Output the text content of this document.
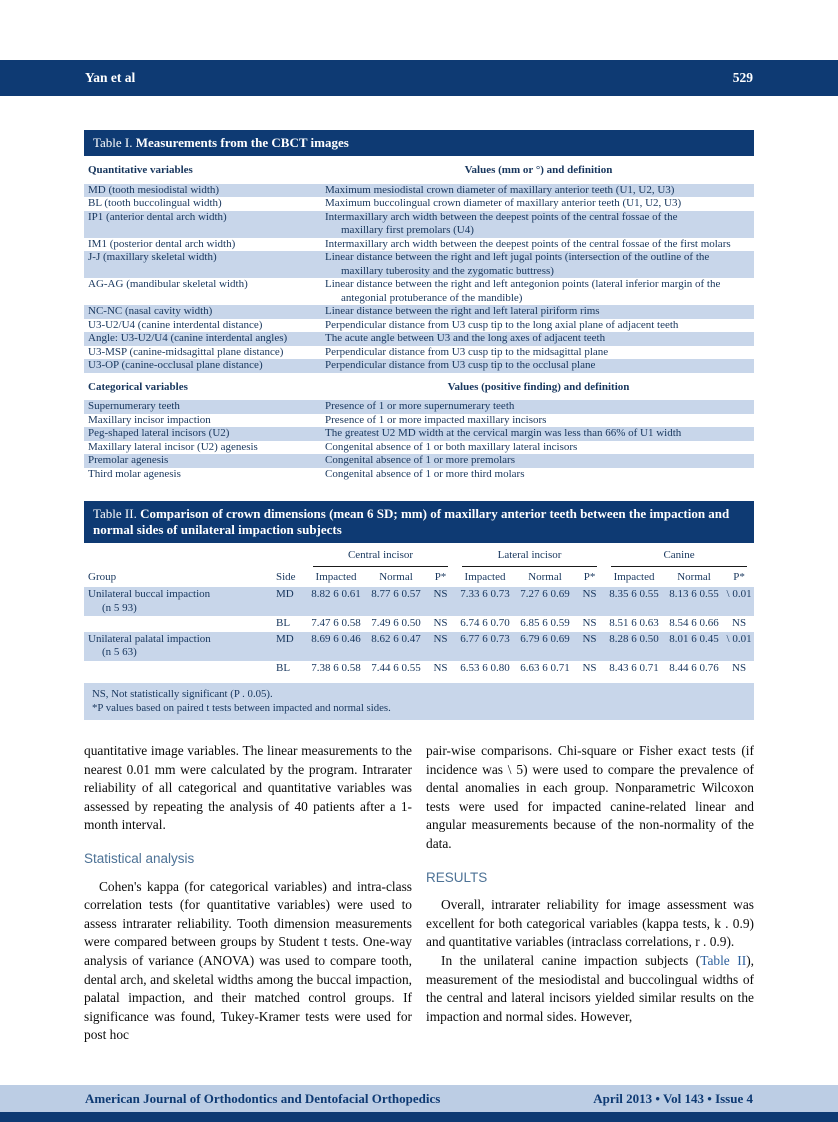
Yan et al	529
Table I. Measurements from the CBCT images
Quantitative variables	Values (mm or °) and definition
MD (tooth mesiodistal width)	Maximum mesiodistal crown diameter of maxillary anterior teeth (U1, U2, U3)

BL (tooth buccolingual width)	Maximum buccolingual crown diameter of maxillary anterior teeth (U1, U2, U3)

IP1 (anterior dental arch width)	Intermaxillary arch width between the deepest points of the central fossae of the
maxillary first premolars (U4)

IM1 (posterior dental arch width)	Intermaxillary arch width between the deepest points of the central fossae of the first molars

J-J (maxillary skeletal width)	Linear distance between the right and left jugal points (intersection of the outline of the
maxillary tuberosity and the zygomatic buttress)

AG-AG (mandibular skeletal width)	Linear distance between the right and left antegonion points (lateral inferior margin of the
antegonial protuberance of the mandible)

NC-NC (nasal cavity width)	Linear distance between the right and left lateral piriform rims

U3-U2/U4 (canine interdental distance)	Perpendicular distance from U3 cusp tip to the long axial plane of adjacent teeth

Angle: U3-U2/U4 (canine interdental angles)	The acute angle between U3 and the long axes of adjacent teeth

U3-MSP (canine-midsagittal plane distance)	Perpendicular distance from U3 cusp tip to the midsagittal plane

U3-OP (canine-occlusal plane distance)	Perpendicular distance from U3 cusp tip to the occlusal plane

Categorical variables	Values (positive finding) and definition
Supernumerary teeth	Presence of 1 or more supernumerary teeth

Maxillary incisor impaction	Presence of 1 or more impacted maxillary incisors

Peg-shaped lateral incisors (U2)	The greatest U2 MD width at the cervical margin was less than 66% of U1 width

Maxillary lateral incisor (U2) agenesis	Congenital absence of 1 or both maxillary lateral incisors

Premolar agenesis	Congenital absence of 1 or more premolars

Third molar agenesis	Congenital absence of 1 or more third molars
Table II. Comparison of crown dimensions (mean 6 SD; mm) of maxillary anterior teeth between the impaction and normal sides of unilateral impaction subjects

		Central incisor			Lateral incisor			Canine		

Group	Side	Impacted	Normal	P*	Impacted	Normal	P*	Impacted	Normal	P*

Unilateral buccal impaction
(n 5 93)	MD	8.82 6 0.61	8.77 6 0.57	NS	7.33 6 0.73	7.27 6 0.69	NS	8.35 6 0.55	8.13 6 0.55	\ 0.01
	BL	7.47 6 0.58	7.49 6 0.50	NS	6.74 6 0.70	6.85 6 0.59	NS	8.51 6 0.63	8.54 6 0.66	NS

Unilateral palatal impaction
(n 5 63)	MD	8.69 6 0.46	8.62 6 0.47	NS	6.77 6 0.73	6.79 6 0.69	NS	8.28 6 0.50	8.01 6 0.45	\ 0.01
	BL	7.38 6 0.58	7.44 6 0.55	NS	6.53 6 0.80	6.63 6 0.71	NS	8.43 6 0.71	8.44 6 0.76	NS
NS, Not statistically significant (P . 0.05).
*P values based on paired t tests between impacted and normal sides.

quantitative image variables. The linear measurements to the nearest 0.01 mm were calculated by the program. Intrarater reliability of all categorical and quantitative variables was assessed by repeating the analysis of 40 patients after a 1-month interval.

Statistical analysis

Cohen's kappa (for categorical variables) and intra-class correlation tests (for quantitative variables) were used to assess intrarater reliability. Tooth dimension measurements were compared between groups by Student t tests. One-way analysis of variance (ANOVA) was used to compare tooth, dental arch, and skeletal widths among the buccal impaction, palatal impaction, and their matched control groups. If significance was found, Tukey-Kramer tests were used for post hoc

pair-wise comparisons. Chi-square or Fisher exact tests (if incidence was \ 5) were used to compare the prevalence of dental anomalies in each group. Nonparametric Wilcoxon tests were used for impacted canine-related linear and angular measurements because of the non-normality of the data.

RESULTS

Overall, intrarater reliability for image assessment was excellent for both categorical variables (kappa tests, k . 0.9) and quantitative variables (intraclass correlations, r . 0.9).

In the unilateral canine impaction subjects (Table II), measurement of the mesiodistal and buccolingual widths of the central and lateral incisors yielded similar results on the impaction and normal sides. However,

American Journal of Orthodontics and Dentofacial Orthopedics	April 2013 • Vol 143 • Issue 4
